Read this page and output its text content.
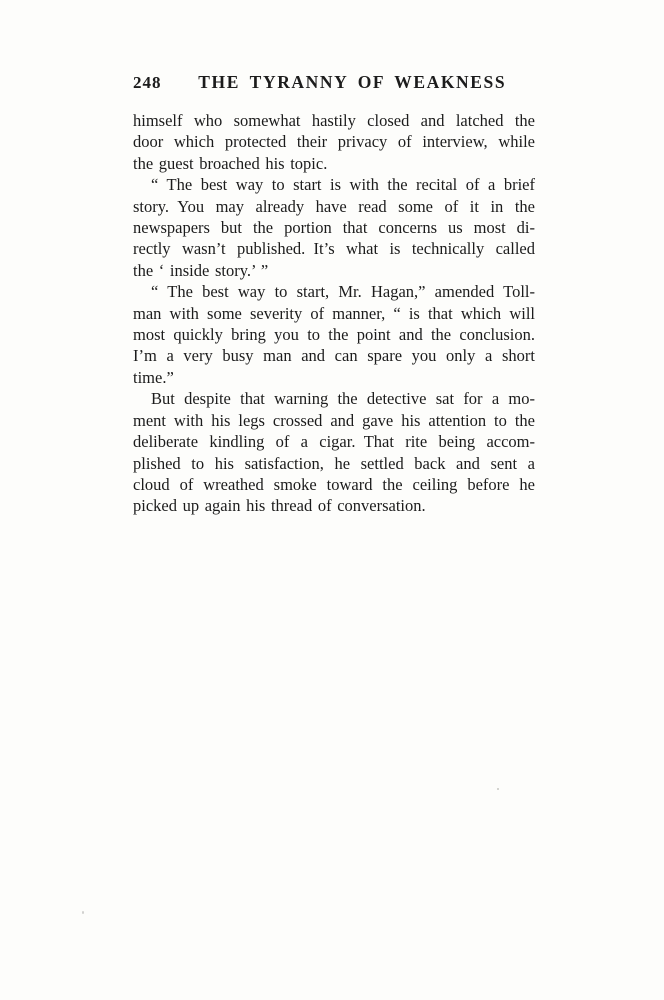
248	THE TYRANNY OF WEAKNESS
himself who somewhat hastily closed and latched the
door which protected their privacy of interview, while
the guest broached his topic.
“ The best way to start is with the recital of a brief
story. You may already have read some of it in the
newspapers but the portion that concerns us most di-
rectly wasn’t published. It’s what is technically called
the ‘ inside story.’ ”
“ The best way to start, Mr. Hagan,” amended Toll-
man with some severity of manner, “ is that which will
most quickly bring you to the point and the conclusion.
I’m a very busy man and can spare you only a short
time.”
But despite that warning the detective sat for a mo-
ment with his legs crossed and gave his attention to the
deliberate kindling of a cigar. That rite being accom-
plished to his satisfaction, he settled back and sent a
cloud of wreathed smoke toward the ceiling before he
picked up again his thread of conversation.
